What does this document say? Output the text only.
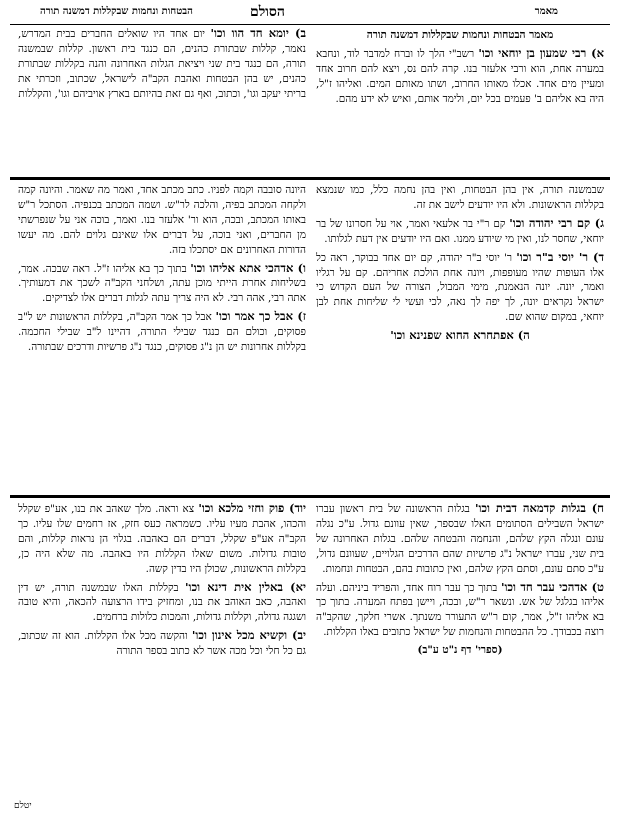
הבטחות ונחמות שבקללות דמשנה תורה	הסולם	מאמר

מאמר הבטחות ונחמות שבקללות דמשנה תורה

א) רבי שמעון בן יוחאי וכו' רשב"י הלך לו וברח למדבר לוד, ונחבא במערה אחת, הוא ורבי אלעזר בנו. קרה להם נס, ויצא להם חרוב אחד ומעיין מים אחד. אכלו מאותו החרוב, ושתו מאותם המים. ואליהו ז"ל, היה בא אליהם ב' פעמים בכל יום, ולימד אותם, ואיש לא ידע מהם.

ב) יומא חד הוו וכו' יום אחד היו שואלים החברים בבית המדרש, נאמר, קללות שבתורת כהנים, הם כנגד בית ראשון. קללות שבמשנה תורה, הם כנגד בית שני ויציאת הגלות האחרונה והנה בקללות שבתורת כהנים, יש בהן הבטחות ואהבת הקב"ה לישראל, שכתוב, וזכרתי את בריתי יעקב וגו', וכתוב, ואף גם זאת בהיותם בארץ אויביהם וגו', והקללות

שבמשנה תורה, אין בהן הבטחות, ואין בהן נחמה כלל, כמו שנמצא בקללות הראשונות. ולא היו יודעים לישב את זה.

ג) קם רבי יהודה וכו' קם ר"י בר אלעאי ואמר, אוי על חסרונו של בר יוחאי, שחסר לנו, ואין מי שיודע ממנו. ואם היו יודעים אין דעת לגלותו.

ד) ר' יוסי ב"ר וכו' ר' יוסי ב"ר יהודה, קם יום אחד בבוקר, ראה כל אלו העופות שהיו מעופפות, ויונה אחת הולכת אחריהם. קם על רגליו ואמר, יונה. יונה הנאמנת, מימי המבול, הצורה של העם הקדוש כי ישראל נקראים יונה, לך יפה לך נאה, לכי ועשי לי שליחות אחת לבן יוחאי, במקום שהוא שם.

ה) אפתחרא החוא שפנינא וכו'

היונה סובבה וקמה לפניו. כתב מכתב אחד, ואמר מה שאמר. והיונה קמה ולקחה המכתב בפיה, והלכה לר"ש. ושמה המכתב בכנפיה. הסתכל ר"ש באותו המכתב, ובכה, הוא ור' אלעזר בנו. ואמר, בוכה אני על שנפרשתי מן החברים, ואני בוכה, על דברים אלו שאינם גלוים להם. מה יעשו הדורות האחרונים אם יסתכלו בזה.

ו) אדהכי אתא אליהו וכו' בתוך כך בא אליהו ז"ל. ראה שבכה. אמר, בשליחות אחרת הייתי מוכן עתה, ושלחני הקב"ה לשכך את דמעותיך. אתה רבי, אהה רבי. לא היה צריך עתה לגלות דברים אלו לצדיקים.

ז) אבל כך אמר וכו' אבל כך אמר הקב"ה, בקללות הראשונות יש ל"ב פסוקים, וכולם הם כנגד שבילי התורה, דהיינו ל"ב שבילי החכמה. בקללות אחרונות יש הן נ"ג פסוקים, כנגד נ"ג פרשיות ודרכים שבתורה.

ח) בגלות קדמאה דבית וכו' בגלות הראשונה של בית ראשון עברו ישראל השבילים הסתומים האלו שבספר, שאין עוונם גדול. ע"כ נגלה עונם ונגלה הקץ שלהם, והנחמה והבטחה שלהם. בגלות האחרונה של בית שני, עברו ישראל נ"ג פרשיות שהם הדרכים הגלויים, שעוונם גדול, ע"כ סתם עונם, וסתם הקץ שלהם, ואין כתובות בהם, הבטחות ונחמות.

ט) אדהכי עבר חד וכו' בתוך כך עבר רוח אחד, והפריד ביניהם. ועלה אליהו בגלגל של אש. ונשאר ר"ש, ובכה, ויישן בפתח המערה. בתוך כך בא אליהו ז"ל, אמר, קום ר"ש התעורר משנתך. אשרי חלקך, שהקב"ה רוצה בכבודך. כל ההבטחות והנחמות של ישראל כתובים באלו הקללות.

(ספרי' דף נ"ט ע"ב)

יוד) פוק וחזי מלכא וכו' צא וראה. מלך שאהב את בנו, אע"פ שקלל והכהו, אהבת מעיו עליו. כשמראה כעס חזק, אז רחמים שלו עליו. כך הקב"ה אע"פ שקלל, דברים הם באהבה. בגלוי הן נראות קללות, והם טובות גדולות. משום שאלו הקללות היו באהבה. מה שלא היה כן, בקללות הראשונות, שכולן היו בדין קשה.

יא) באלין אית דינא וכו' בקללות האלו שבמשנה תורה, יש דין ואהבה, כאב האוהב את בנו, ומחזיק בידו הרצועה להכאה, והיא טובה ושגגה גדולה, וקללות גדולות, והמכות כלולות ברחמים.

יב) וקשיא מכל אינון וכו' והקשה מכל אלו הקללות. הוא זה שכתוב, גם כל חלי וכל מכה אשר לא כתוב בספר התורה

יטלם
